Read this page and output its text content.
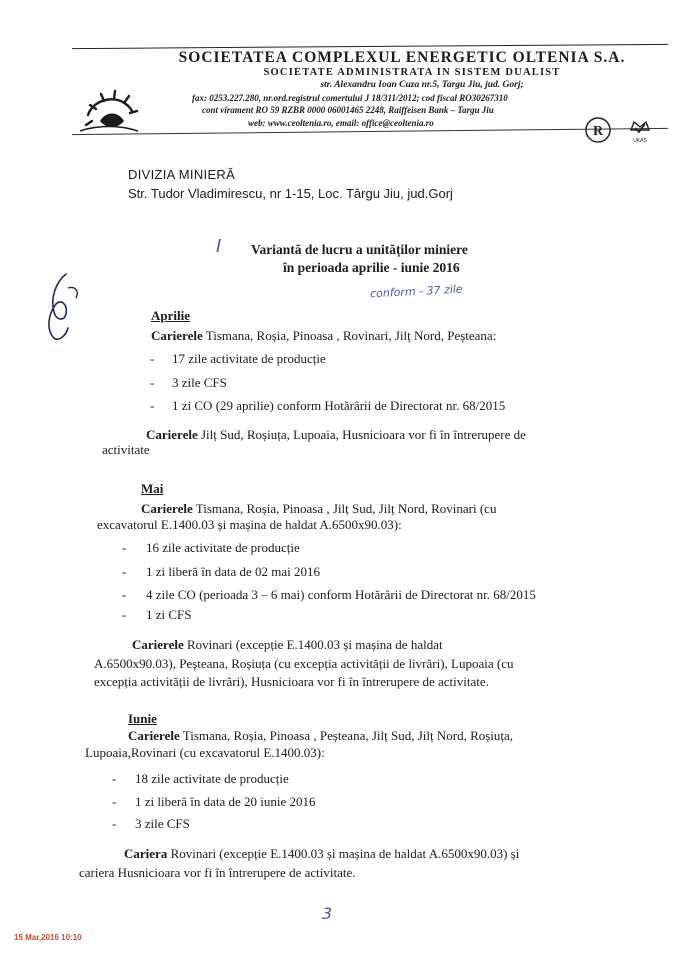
SOCIETATEA COMPLEXUL ENERGETIC OLTENIA S.A.
SOCIETATE ADMINISTRATA IN SISTEM DUALIST
str. Alexandru Ioan Cuza nr.5, Targu Jiu, jud. Gorj;
fax: 0253.227.280, nr.ord.registrul comertului J 18/311/2012; cod fiscal RO30267310
cont virament RO 59 RZBR 0000 06001465 2248, Raiffeisen Bank – Targu Jiu
web: www.ceoltenia.ro, email: office@ceoltenia.ro
R
UKAS
DIVIZIA MINIERĂ
Str. Tudor Vladimirescu, nr 1-15, Loc. Târgu Jiu, jud.Gorj
I Variantă de lucru a unităților miniere
în perioada aprilie - iunie 2016
conform - 37 zile
Aprilie
Carierele Tismana, Roșia, Pinoasa , Rovinari, Jilț Nord, Peșteana:
- 17 zile activitate de producție
- 3 zile CFS
- 1 zi CO (29 aprilie) conform Hotărârii de Directorat nr. 68/2015
Carierele Jilț Sud, Roșiuța, Lupoaia, Husnicioara vor fi în întrerupere de
activitate
Mai
Carierele Tismana, Roșia, Pinoasa , Jilț Sud, Jilț Nord, Rovinari (cu
excavatorul E.1400.03 și mașina de haldat A.6500x90.03):
- 16 zile activitate de producție
- 1 zi liberă în data de 02 mai 2016
- 4 zile CO (perioada 3 – 6 mai) conform Hotărârii de Directorat nr. 68/2015
- 1 zi CFS
Carierele Rovinari (excepție E.1400.03 și mașina de haldat
A.6500x90.03), Peșteana, Roșiuța (cu excepția activității de livrări), Lupoaia (cu
excepția activității de livrări), Husnicioara vor fi în întrerupere de activitate.
Iunie
Carierele Tismana, Roșia, Pinoasa , Peșteana, Jilț Sud, Jilț Nord, Roșiuța,
Lupoaia,Rovinari (cu excavatorul E.1400.03):
- 18 zile activitate de producție
- 1 zi liberă în data de 20 iunie 2016
- 3 zile CFS
Cariera Rovinari (excepție E.1400.03 și mașina de haldat A.6500x90.03) și
cariera Husnicioara vor fi în întrerupere de activitate.
3
15 Mar,2016 10:10
